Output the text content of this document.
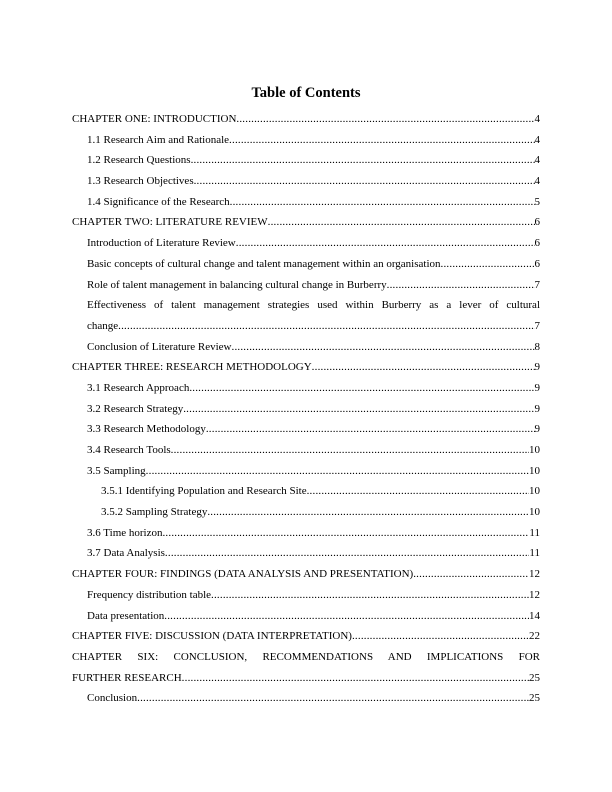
Table of Contents
CHAPTER ONE: INTRODUCTION .....	4
1.1 Research Aim and Rationale .....	4
1.2 Research Questions .....	4
1.3 Research Objectives .....	4
1.4 Significance of the Research .....	5
CHAPTER TWO: LITERATURE REVIEW .....	6
Introduction of Literature Review .....	6
Basic concepts of cultural change and talent management within an organisation .....	6
Role of talent management in balancing cultural change in Burberry .....	7
Effectiveness of talent management strategies used within Burberry as a lever of cultural
change .....	7
Conclusion of Literature Review .....	8
CHAPTER THREE: RESEARCH METHODOLOGY .....	9
3.1 Research Approach .....	9
3.2 Research Strategy .....	9
3.3 Research Methodology .....	9
3.4 Research Tools .....	10
3.5 Sampling .....	10
3.5.1 Identifying Population and Research Site .....	10
3.5.2 Sampling Strategy .....	10
3.6 Time horizon .....	11
3.7 Data Analysis .....	11
CHAPTER FOUR: FINDINGS (DATA ANALYSIS AND PRESENTATION) .....	12
Frequency distribution table .....	12
Data presentation .....	14
CHAPTER FIVE: DISCUSSION (DATA INTERPRETATION) .....	22
CHAPTER SIX: CONCLUSION, RECOMMENDATIONS AND IMPLICATIONS FOR
FURTHER RESEARCH .....	25
Conclusion .....	25
